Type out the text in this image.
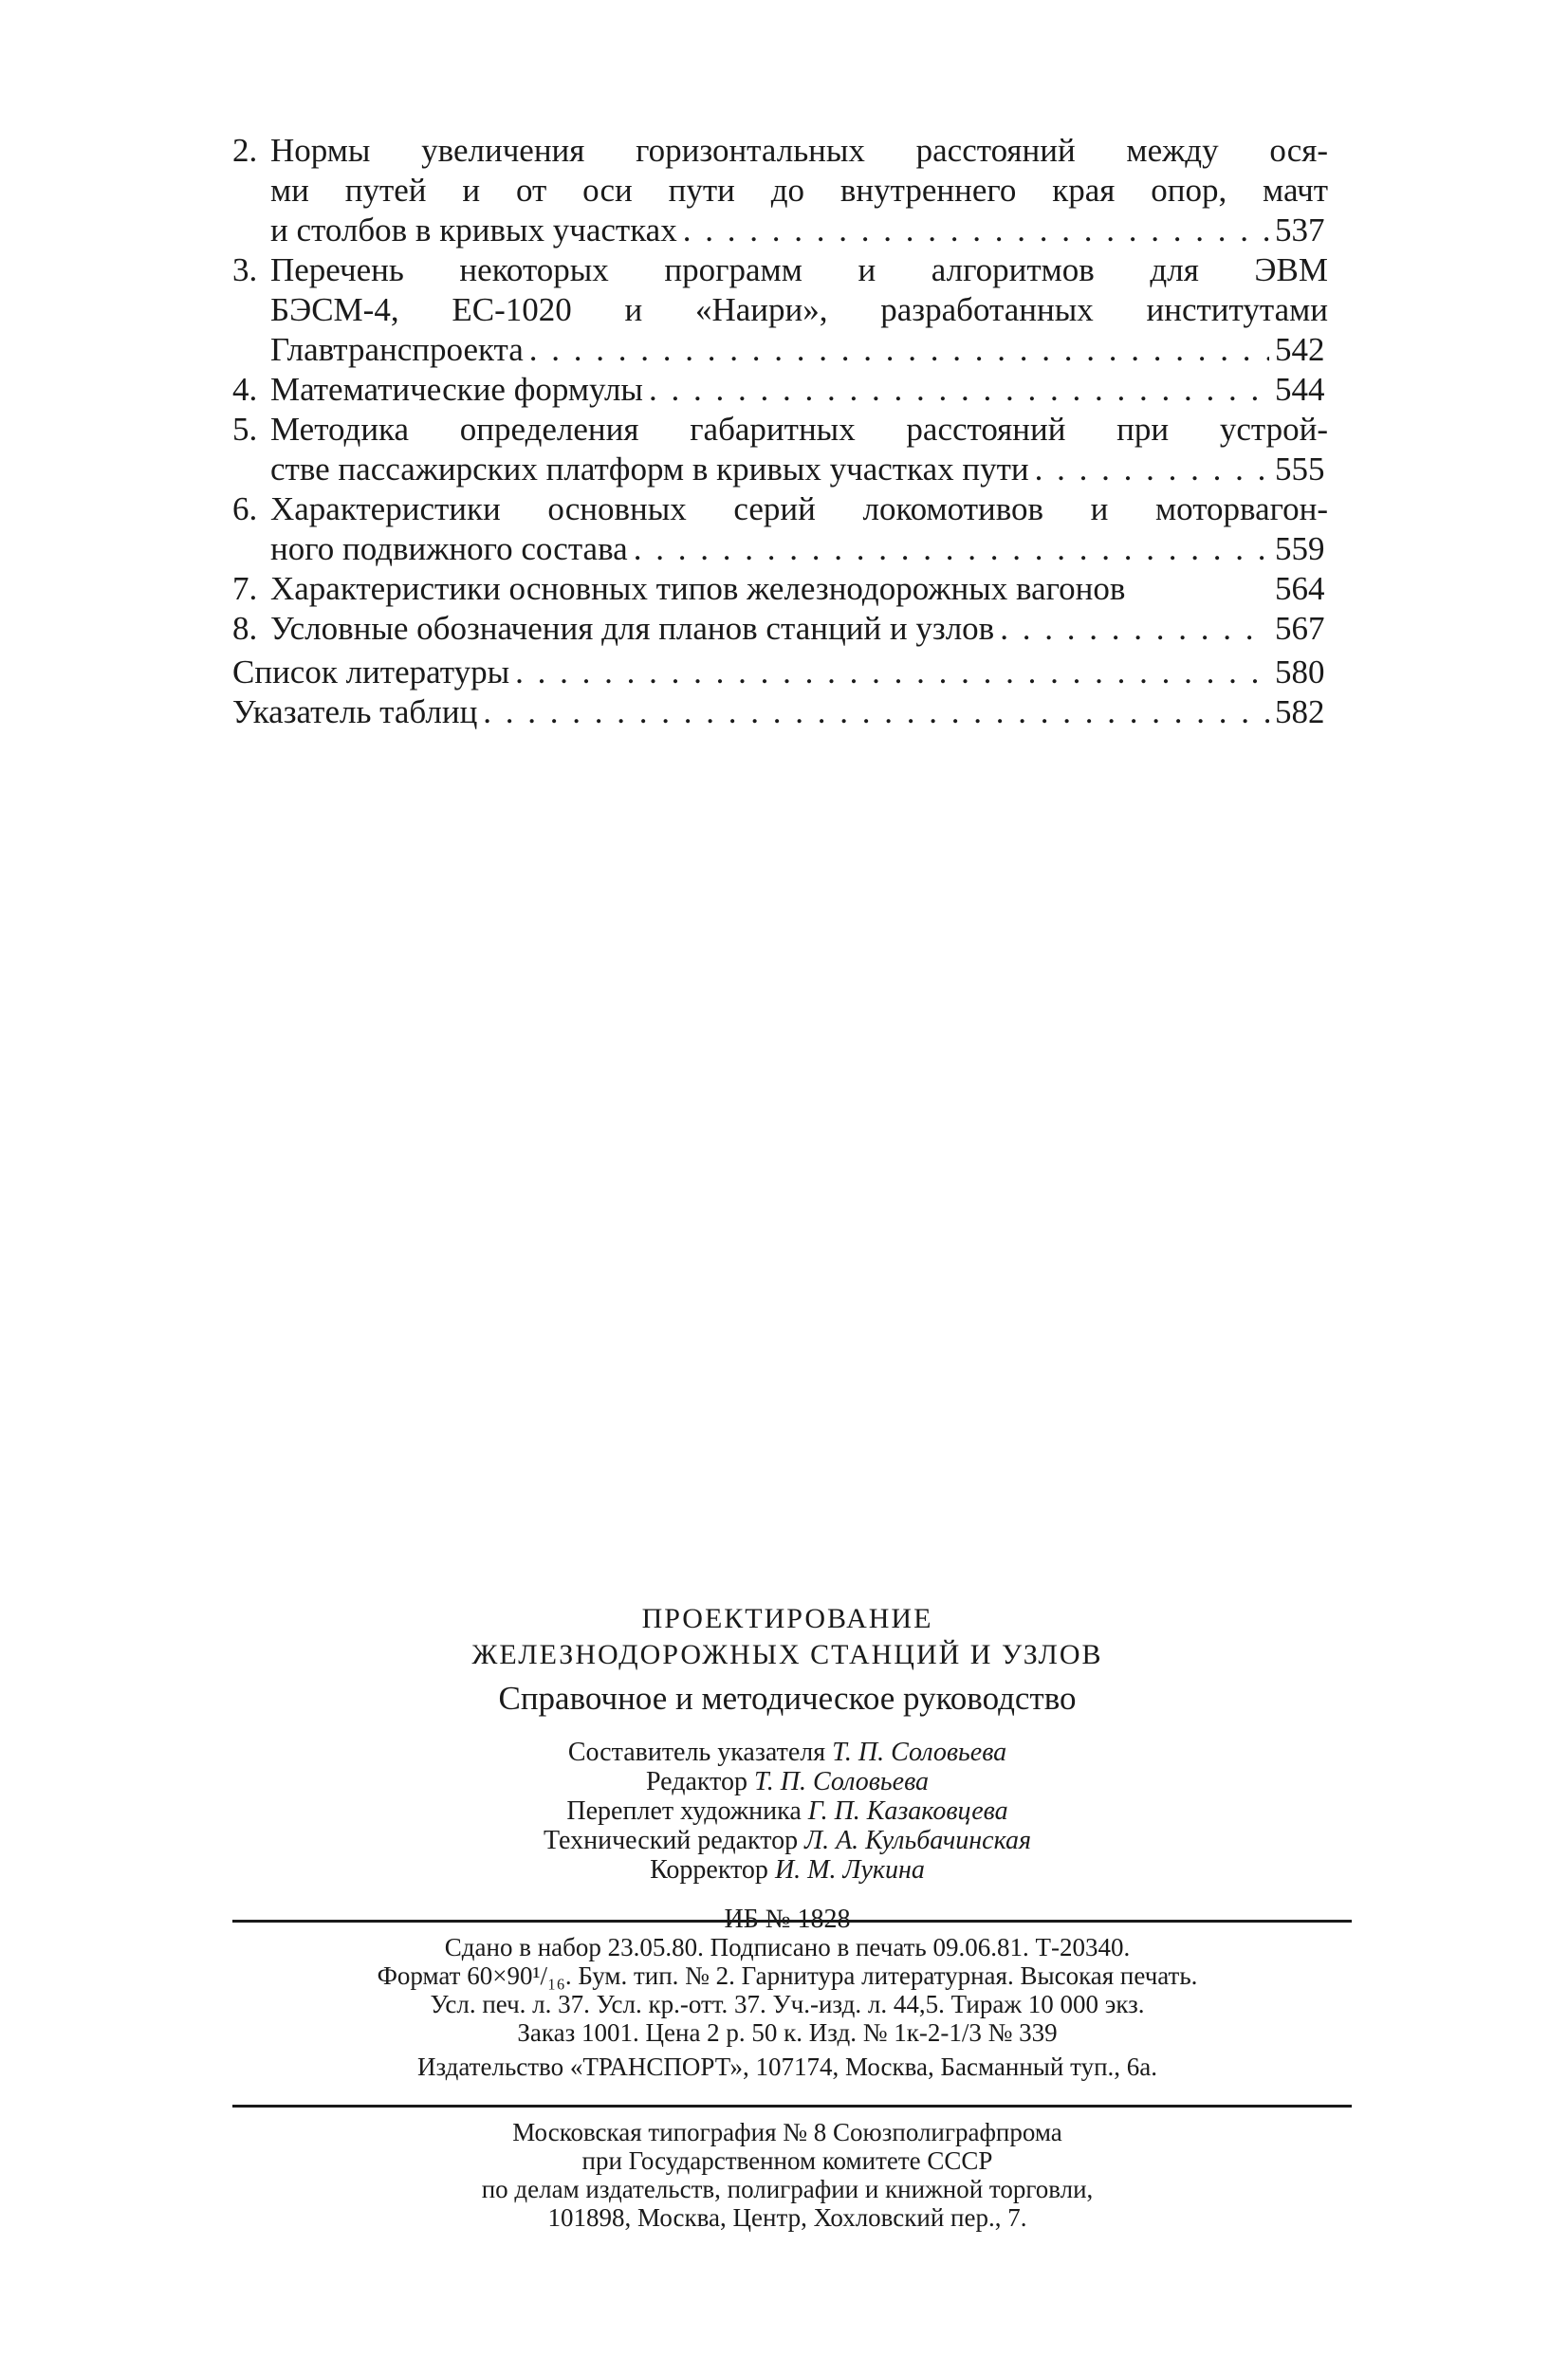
2. Нормы увеличения горизонтальных расстояний между ося-
ми путей и от оси пути до внутреннего края опор, мачт
и столбов в кривых участках . . .	537
3. Перечень некоторых программ и алгоритмов для ЭВМ
БЭСМ-4, ЕС-1020 и «Наири», разработанных институтами
Главтранспроекта . . .	542
4. Математические формулы . . .	544
5. Методика определения габаритных расстояний при устрой-
стве пассажирских платформ в кривых участках пути . . .	555
6. Характеристики основных серий локомотивов и моторвагон-
ного подвижного состава . . .	559
7. Характеристики основных типов железнодорожных вагонов	564
8. Условные обозначения для планов станций и узлов . . .	567
Список литературы . . .	580
Указатель таблиц . . .	582
ПРОЕКТИРОВАНИЕ
ЖЕЛЕЗНОДОРОЖНЫХ СТАНЦИЙ И УЗЛОВ
Справочное и методическое руководство
Составитель указателя Т. П. Соловьева
Редактор Т. П. Соловьева
Переплет художника Г. П. Казаковцева
Технический редактор Л. А. Кульбачинская
Корректор И. М. Лукина
ИБ № 1828
Сдано в набор 23.05.80. Подписано в печать 09.06.81. Т-20340.
Формат 60×90¹/₁₆. Бум. тип. № 2. Гарнитура литературная. Высокая печать.
Усл. печ. л. 37. Усл. кр.-отт. 37. Уч.-изд. л. 44,5. Тираж 10 000 экз.
Заказ 1001. Цена 2 р. 50 к. Изд. № 1к-2-1/3 № 339
Издательство «ТРАНСПОРТ», 107174, Москва, Басманный туп., 6а.
Московская типография № 8 Союзполиграфпрома
при Государственном комитете СССР
по делам издательств, полиграфии и книжной торговли,
101898, Москва, Центр, Хохловский пер., 7.
